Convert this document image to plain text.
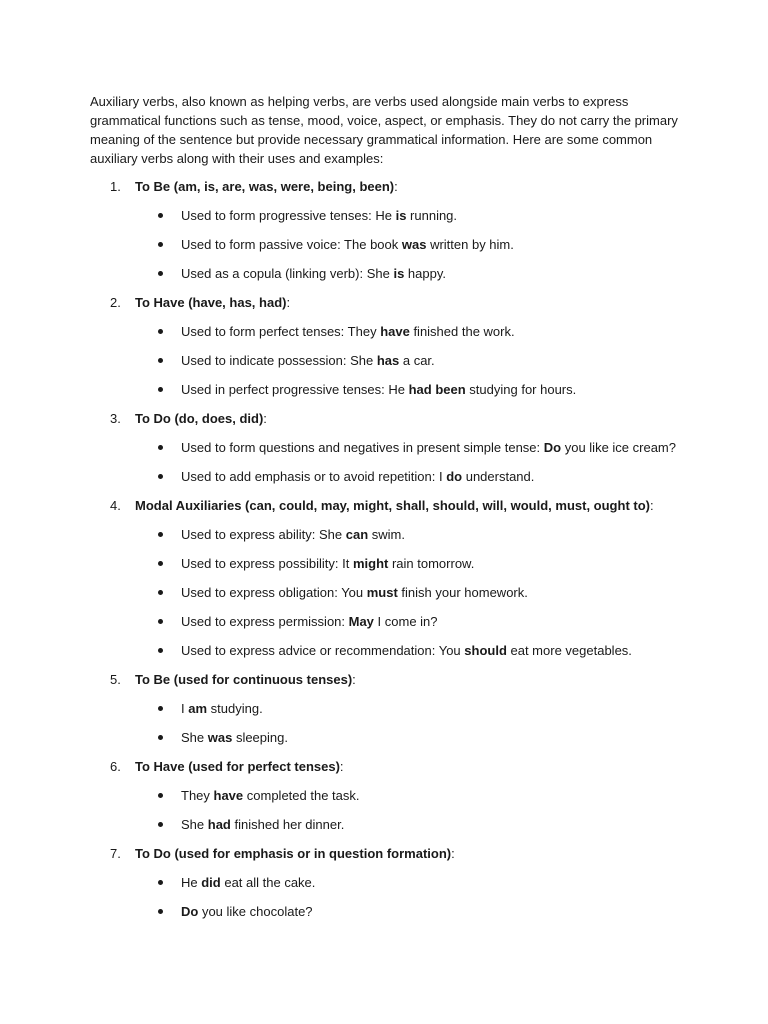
Auxiliary verbs, also known as helping verbs, are verbs used alongside main verbs to express grammatical functions such as tense, mood, voice, aspect, or emphasis. They do not carry the primary meaning of the sentence but provide necessary grammatical information. Here are some common auxiliary verbs along with their uses and examples:

1. To Be (am, is, are, was, were, being, been):
Used to form progressive tenses: He is running.
Used to form passive voice: The book was written by him.
Used as a copula (linking verb): She is happy.
2. To Have (have, has, had):
Used to form perfect tenses: They have finished the work.
Used to indicate possession: She has a car.
Used in perfect progressive tenses: He had been studying for hours.
3. To Do (do, does, did):
Used to form questions and negatives in present simple tense: Do you like ice cream?
Used to add emphasis or to avoid repetition: I do understand.
4. Modal Auxiliaries (can, could, may, might, shall, should, will, would, must, ought to):
Used to express ability: She can swim.
Used to express possibility: It might rain tomorrow.
Used to express obligation: You must finish your homework.
Used to express permission: May I come in?
Used to express advice or recommendation: You should eat more vegetables.
5. To Be (used for continuous tenses):
I am studying.
She was sleeping.
6. To Have (used for perfect tenses):
They have completed the task.
She had finished her dinner.
7. To Do (used for emphasis or in question formation):
He did eat all the cake.
Do you like chocolate?
